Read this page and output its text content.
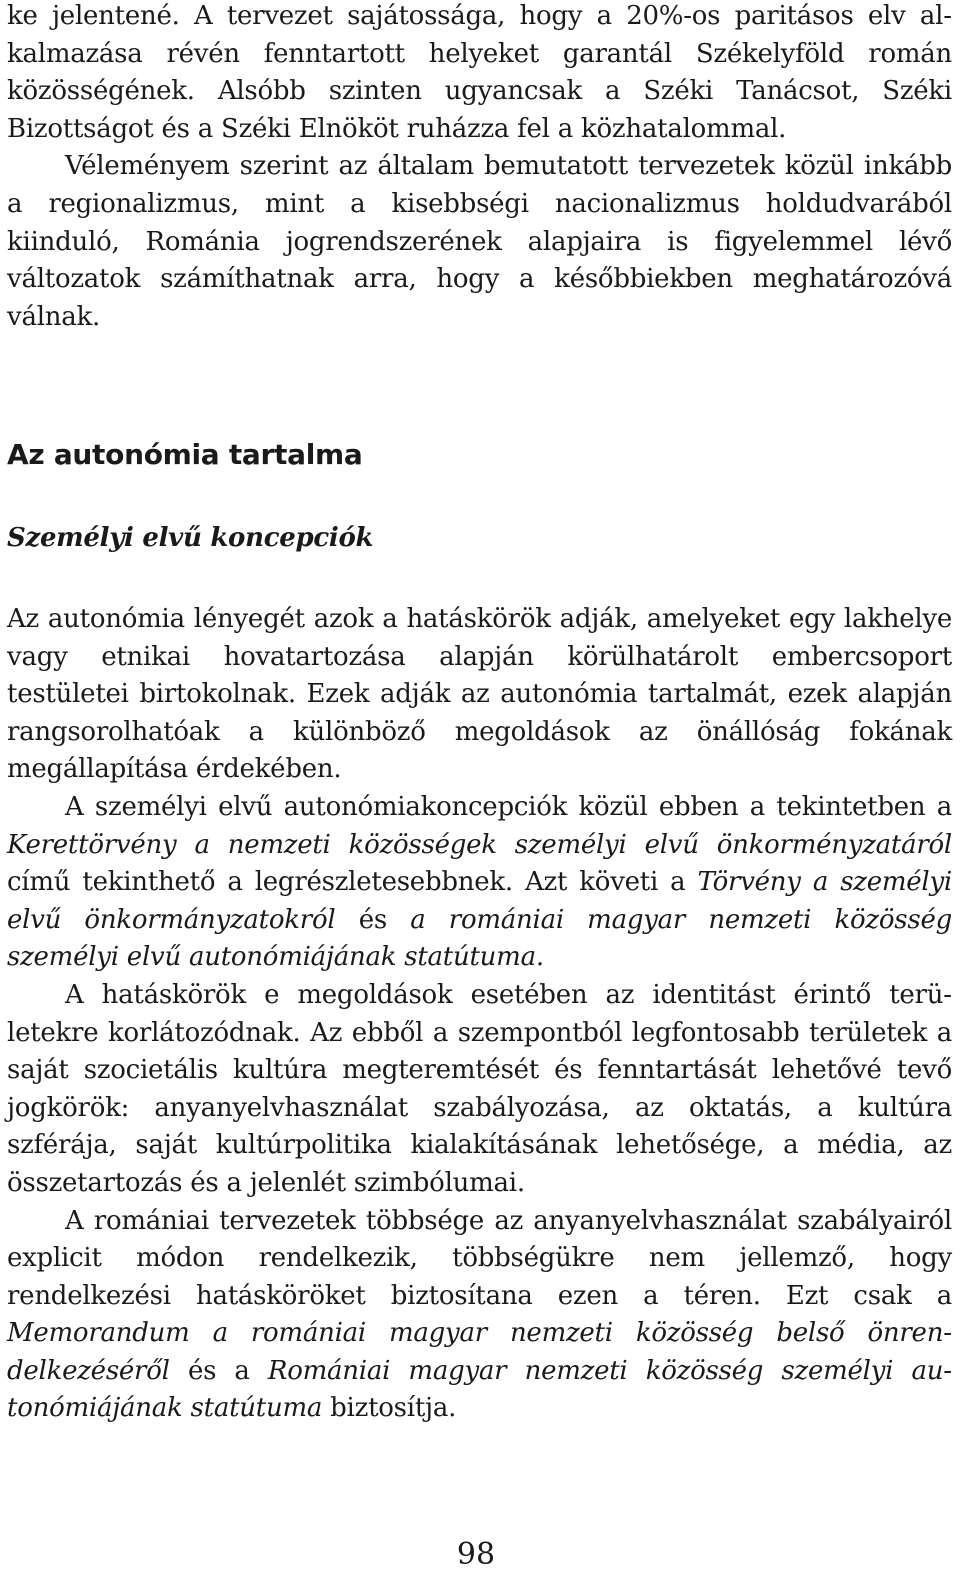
ke jelentené. A tervezet sajátossága, hogy a 20%-os paritásos elv alkalmazása révén fenntartott helyeket garantál Székelyföld román közösségének. Alsóbb szinten ugyancsak a Széki Tanácsot, Széki Bizottságot és a Széki Elnököt ruházza fel a közhatalommal.

Véleményem szerint az általam bemutatott tervezetek közül inkább a regionalizmus, mint a kisebbségi nacionalizmus holdudvarából kiinduló, Románia jogrendszerének alapjaira is figyelemmel lévő változatok számíthatnak arra, hogy a későbbiekben meghatározóvá válnak.

Az autonómia tartalma
Személyi elvű koncepciók

Az autonómia lényegét azok a hatáskörök adják, amelyeket egy lakhelye vagy etnikai hovatartozása alapján körülhatárolt embercsoport testületei birtokolnak. Ezek adják az autonómia tartalmát, ezek alapján rangsorolhatóak a különböző megoldások az önállóság fokának megállapítása érdekében.

A személyi elvű autonómiakoncepciók közül ebben a tekintetben a Kerettörvény a nemzeti közösségek személyi elvű önkorményzatáról című tekinthető a legrészletesebbnek. Azt követi a Törvény a személyi elvű önkormányzatokról és a romániai magyar nemzeti közösség személyi elvű autonómiájának statútuma.

A hatáskörök e megoldások esetében az identitást érintő területekre korlátozódnak. Az ebből a szempontból legfontosabb területek a saját szocietális kultúra megteremtését és fenntartását lehetővé tevő jogkörök: anyanyelvhasználat szabályozása, az oktatás, a kultúra szférája, saját kultúrpolitika kialakításának lehetősége, a média, az összetartozás és a jelenlét szimbólumai.

A romániai tervezetek többsége az anyanyelvhasználat szabályairól explicit módon rendelkezik, többségükre nem jellemző, hogy rendelkezési hatásköröket biztosítana ezen a téren. Ezt csak a Memorandum a romániai magyar nemzeti közösség belső önrendelkezéséről és a Romániai magyar nemzeti közösség személyi autonómiájának statútuma biztosítja.

98
